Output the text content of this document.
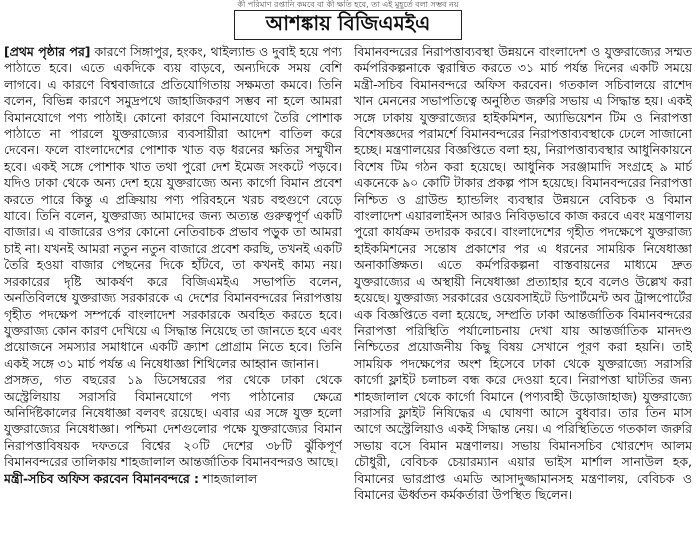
কী পরিমাণ রপ্তানি কমবে বা কী ক্ষতি হবে, তা এই মুহূর্তে বলা সম্ভব নয়
আশঙ্কায় বিজিএমইএ

[প্রথম পৃষ্ঠার পর] কারণে সিঙ্গাপুর, হংকং, থাইল্যান্ড ও দুবাই হয়ে পণ্য পাঠাতে হবে। এতে একদিকে ব্যয় বাড়বে, অন্যদিকে সময় বেশি লাগবে। এ কারণে বিশ্ববাজারে প্রতিযোগিতায় সক্ষমতা কমবে। তিনি বলেন, বিভিন্ন কারণে সমুদ্রপথে জাহাজিকরণ সম্ভব না হলে আমরা বিমানযোগে পণ্য পাঠাই। কোনো কারণে বিমানযোগে তৈরি পোশাক পাঠাতে না পারলে যুক্তরাজ্যের ব্যবসায়ীরা আদেশ বাতিল করে দেবেন। ফলে বাংলাদেশের পোশাক খাত বড় ধরনের ক্ষতির সম্মুখীন হবে। একই সঙ্গে পোশাক খাত তথা পুরো দেশ ইমেজ সংকটে পড়বে। যদিও ঢাকা থেকে অন্য দেশ হয়ে যুক্তরাজ্যে অন্য কার্গো বিমান প্রবেশ করতে পারে কিন্তু এ প্রক্রিয়ায় পণ্য পরিবহনে খরচ বহুগুণে বেড়ে যাবে। তিনি বলেন, যুক্তরাজ্য আমাদের জন্য অত্যন্ত গুরুত্বপূর্ণ একটি বাজার। এ বাজারের ওপর কোনো নেতিবাচক প্রভাব পড়ুক তা আমরা চাই না। যখনই আমরা নতুন নতুন বাজারে প্রবেশ করছি, তখনই একটি তৈরি হওয়া বাজার পেছনের দিকে হাঁটবে, তা কখনই কাম্য নয়। সরকারের দৃষ্টি আকর্ষণ করে বিজিএমইএ সভাপতি বলেন, অনতিবিলম্বে যুক্তরাজ্য সরকারকে এ দেশের বিমানবন্দরের নিরাপত্তায় গৃহীত পদক্ষেপ সম্পর্কে বাংলাদেশ সরকারকে অবহিত করতে হবে। যুক্তরাজ্য কোন কারণ দেখিয়ে এ সিদ্ধান্ত নিয়েছে তা জানতে হবে এবং প্রয়োজনে সমস্যার সমাধানে একটি ক্র্যাশ প্রোগ্রাম নিতে হবে। তিনি একই সঙ্গে ৩১ মার্চ পর্যন্ত এ নিষেধাজ্ঞা শিথিলের আহ্বান জানান।

প্রসঙ্গত, গত বছরের ১৯ ডিসেম্বরের পর থেকে ঢাকা থেকে অস্ট্রেলিয়ায় সরাসরি বিমানযোগে পণ্য পাঠানোর ক্ষেত্রে অনির্দিষ্টকালের নিষেধাজ্ঞা বলবৎ রয়েছে। এবার এর সঙ্গে যুক্ত হলো যুক্তরাজ্যের নিষেধাজ্ঞা। পশ্চিমা দেশগুলোর পক্ষে যুক্তরাজ্যের বিমান নিরাপত্তাবিষয়ক দফতরে বিশ্বের ২০টি দেশের ৩৮টি ঝুঁকিপূর্ণ বিমানবন্দরের তালিকায় শাহজালাল আন্তর্জাতিক বিমানবন্দরও আছে।

মন্ত্রী-সচিব অফিস করবেন বিমানবন্দরে : শাহজালাল

বিমানবন্দরের নিরাপত্তাব্যবস্থা উন্নয়নে বাংলাদেশ ও যুক্তরাজ্যের সম্মত কর্মপরিকল্পনাকে ত্বরান্বিত করতে ৩১ মার্চ পর্যন্ত দিনের একটি সময়ে মন্ত্রী-সচিব বিমানবন্দরে অফিস করবেন। গতকাল সচিবালয়ে রাশেদ খান মেননের সভাপতিত্বে অনুষ্ঠিত জরুরি সভায় এ সিদ্ধান্ত হয়। একই সঙ্গে ঢাকায় যুক্তরাজ্যের হাইকমিশন, অ্যাভিয়েশন টিম ও নিরাপত্তা বিশেষজ্ঞদের পরামর্শে বিমানবন্দরের নিরাপত্তাব্যবস্থাকে ঢেলে সাজানো হচ্ছে। মন্ত্রণালয়ের বিজ্ঞপ্তিতে বলা হয়, নিরাপত্তাব্যবস্থার আধুনিকায়নে বিশেষ টিম গঠন করা হয়েছে। আধুনিক সরঞ্জামাদি সংগ্রহে ৯ মার্চ একনেকে ৯০ কোটি টাকার প্রকল্প পাস হয়েছে। বিমানবন্দরের নিরাপত্তা নিশ্চিত ও গ্রাউন্ড হ্যান্ডলিং ব্যবস্থার উন্নয়নে বেবিচক ও বিমান বাংলাদেশ এয়ারলাইনস আরও নিবিড়ভাবে কাজ করবে এবং মন্ত্রণালয় পুরো কার্যক্রম তদারক করবে। বাংলাদেশের গৃহীত পদক্ষেপে যুক্তরাজ্য হাইকমিশনের সন্তোষ প্রকাশের পর এ ধরনের সাময়িক নিষেধাজ্ঞা অনাকাঙ্ক্ষিত। এতে কর্মপরিকল্পনা বাস্তবায়নের মাধ্যমে দ্রুত যুক্তরাজ্যের এ অস্থায়ী নিষেধাজ্ঞা প্রত্যাহার হবে বলেও উল্লেখ করা হয়েছে। যুক্তরাজ্য সরকারের ওয়েবসাইটে ডিপার্টমেন্ট অব ট্রান্সপোর্টের এক বিজ্ঞপ্তিতে বলা হয়েছে, সম্প্রতি ঢাকা আন্তর্জাতিক বিমানবন্দরের নিরাপত্তা পরিস্থিতি পর্যালোচনায় দেখা যায় আন্তর্জাতিক মানদণ্ড নিশ্চিতের প্রয়োজনীয় কিছু বিষয় সেখানে পূরণ করা হয়নি। তাই সাময়িক পদক্ষেপের অংশ হিসেবে ঢাকা থেকে যুক্তরাজ্যে সরাসরি কার্গো ফ্লাইট চলাচল বন্ধ করে দেওয়া হবে। নিরাপত্তা ঘাটতির জন্য শাহজালাল থেকে কার্গো বিমানে (পণ্যবাহী উড়োজাহাজ) যুক্তরাজ্যে সরাসরি ফ্লাইট নিষিদ্ধের এ ঘোষণা আসে বুধবার। তার তিন মাস আগে অস্ট্রেলিয়াও একই সিদ্ধান্ত নেয়। এ পরিস্থিতিতে গতকাল জরুরি সভায় বসে বিমান মন্ত্রণালয়। সভায় বিমানসচিব খোরশেদ আলম চৌধুরী, বেবিচক চেয়ারম্যান এয়ার ভাইস মার্শাল সানাউল হক, বিমানের ভারপ্রাপ্ত এমডি আসাদুজ্জামানসহ মন্ত্রণালয়, বেবিচক ও বিমানের ঊর্ধ্বতন কর্মকর্তারা উপস্থিত ছিলেন।
